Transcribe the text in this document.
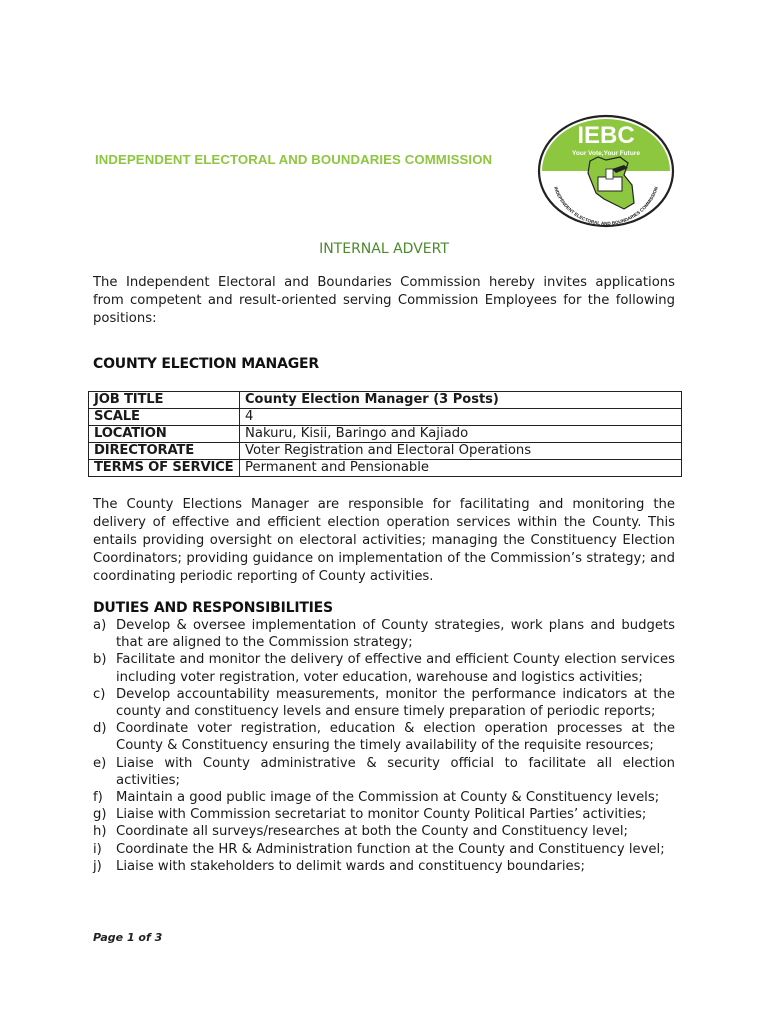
INDEPENDENT ELECTORAL AND BOUNDARIES COMMISSION
IEBC
Your Vote,Your Future
INDEPENDENT ELECTORAL AND BOUNDARIES COMMISSION
INTERNAL ADVERT
The Independent Electoral and Boundaries Commission hereby invites applications from competent and result-oriented serving Commission Employees for the following positions:
COUNTY ELECTION MANAGER
JOB TITLE	County Election Manager (3 Posts)
SCALE	4
LOCATION	Nakuru, Kisii, Baringo and Kajiado
DIRECTORATE	Voter Registration and Electoral Operations
TERMS OF SERVICE	Permanent and Pensionable
The County Elections Manager are responsible for facilitating and monitoring the delivery of effective and efficient election operation services within the County. This entails providing oversight on electoral activities; managing the Constituency Election Coordinators; providing guidance on implementation of the Commission’s strategy; and coordinating periodic reporting of County activities.
DUTIES AND RESPONSIBILITIES
a) Develop & oversee implementation of County strategies, work plans and budgets that are aligned to the Commission strategy;
b) Facilitate and monitor the delivery of effective and efficient County election services including voter registration, voter education, warehouse and logistics activities;
c) Develop accountability measurements, monitor the performance indicators at the county and constituency levels and ensure timely preparation of periodic reports;
d) Coordinate voter registration, education & election operation processes at the County & Constituency ensuring the timely availability of the requisite resources;
e) Liaise with County administrative & security official to facilitate all election activities;
f) Maintain a good public image of the Commission at County & Constituency levels;
g) Liaise with Commission secretariat to monitor County Political Parties’ activities;
h) Coordinate all surveys/researches at both the County and Constituency level;
i) Coordinate the HR & Administration function at the County and Constituency level;
j) Liaise with stakeholders to delimit wards and constituency boundaries;
Page 1 of 3
